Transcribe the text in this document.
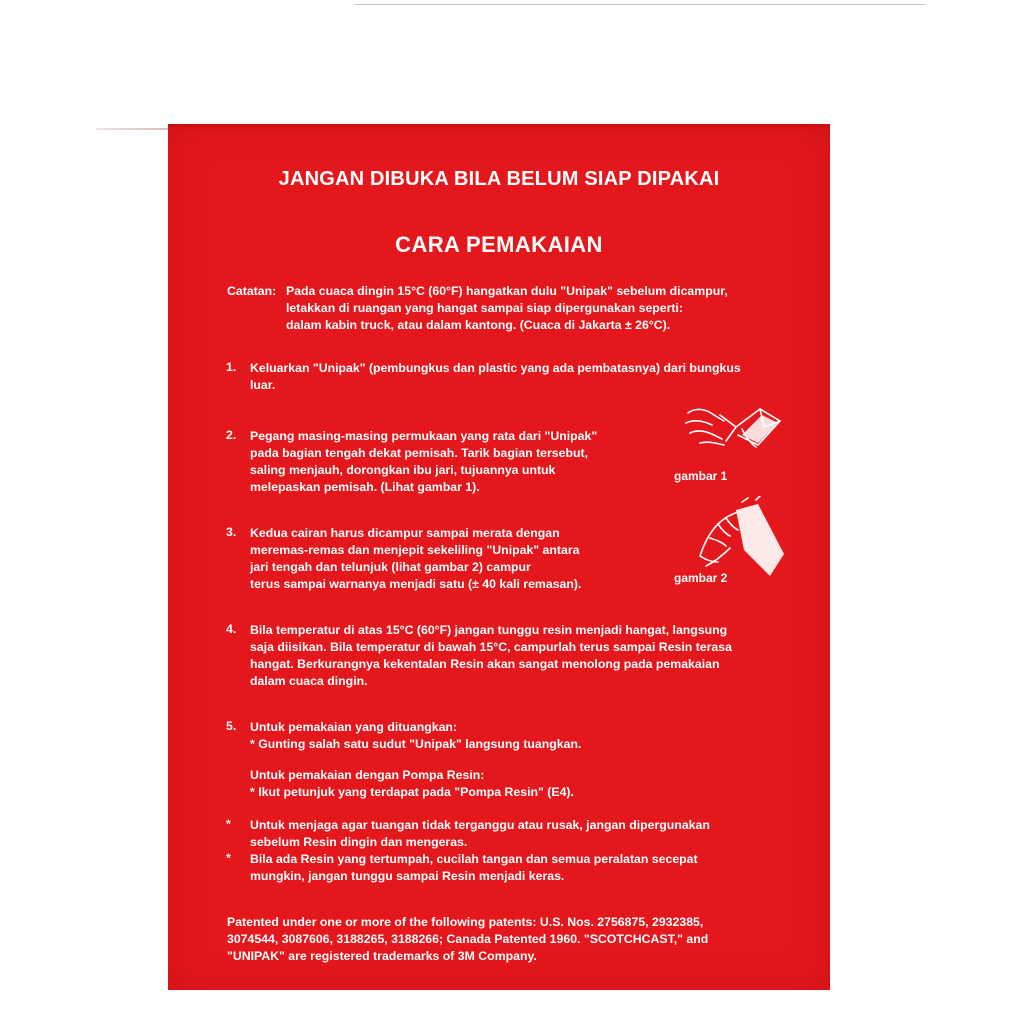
JANGAN DIBUKA BILA BELUM SIAP DIPAKAI
CARA PEMAKAIAN
Catatan: Pada cuaca dingin 15°C (60°F) hangatkan dulu "Unipak" sebelum dicampur,
letakkan di ruangan yang hangat sampai siap dipergunakan seperti:
dalam kabin truck, atau dalam kantong. (Cuaca di Jakarta ± 26°C).
1. Keluarkan "Unipak" (pembungkus dan plastic yang ada pembatasnya) dari bungkus
luar.
2. Pegang masing-masing permukaan yang rata dari "Unipak"
pada bagian tengah dekat pemisah. Tarik bagian tersebut,
saling menjauh, dorongkan ibu jari, tujuannya untuk
melepaskan pemisah. (Lihat gambar 1).
gambar 1
3. Kedua cairan harus dicampur sampai merata dengan
meremas-remas dan menjepit sekeliling "Unipak" antara
jari tengah dan telunjuk (lihat gambar 2) campur
terus sampai warnanya menjadi satu (± 40 kali remasan).	gambar 2
4. Bila temperatur di atas 15°C (60°F) jangan tunggu resin menjadi hangat, langsung
saja diisikan. Bila temperatur di bawah 15°C, campurlah terus sampai Resin terasa
hangat. Berkurangnya kekentalan Resin akan sangat menolong pada pemakaian
dalam cuaca dingin.
5. Untuk pemakaian yang dituangkan:
* Gunting salah satu sudut "Unipak" langsung tuangkan.
Untuk pemakaian dengan Pompa Resin:
* Ikut petunjuk yang terdapat pada "Pompa Resin" (E4).
* Untuk menjaga agar tuangan tidak terganggu atau rusak, jangan dipergunakan
sebelum Resin dingin dan mengeras.
* Bila ada Resin yang tertumpah, cucilah tangan dan semua peralatan secepat
mungkin, jangan tunggu sampai Resin menjadi keras.
Patented under one or more of the following patents: U.S. Nos. 2756875, 2932385,
3074544, 3087606, 3188265, 3188266; Canada Patented 1960. "SCOTCHCAST," and
"UNIPAK" are registered trademarks of 3M Company.
